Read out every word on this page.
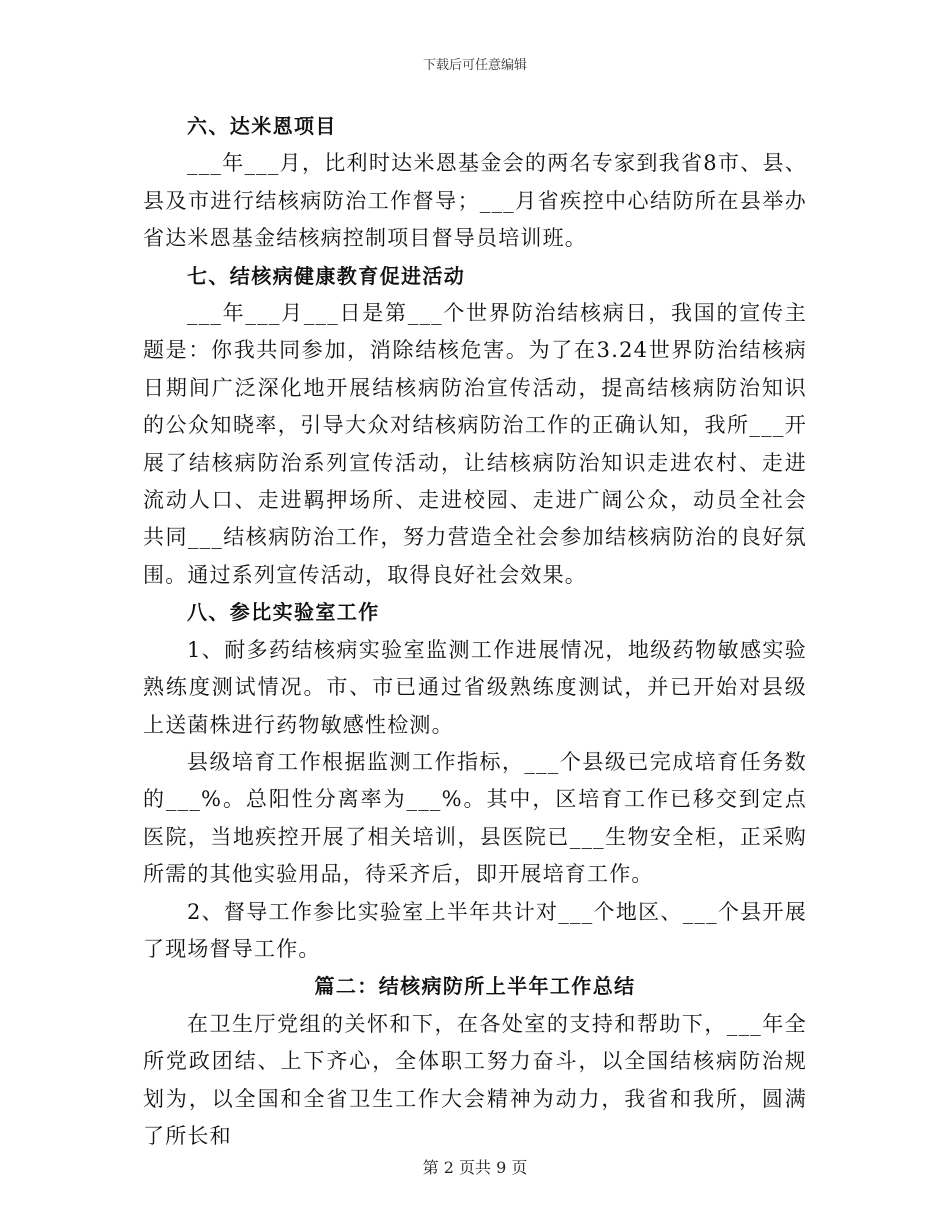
下载后可任意编辑

六、达米恩项目

___年___月，比利时达米恩基金会的两名专家到我省8市、县、县及市进行结核病防治工作督导；___月省疾控中心结防所在县举办省达米恩基金结核病控制项目督导员培训班。

七、结核病健康教育促进活动

___年___月___日是第___个世界防治结核病日，我国的宣传主题是：你我共同参加，消除结核危害。为了在3.24世界防治结核病日期间广泛深化地开展结核病防治宣传活动，提高结核病防治知识的公众知晓率，引导大众对结核病防治工作的正确认知，我所___开展了结核病防治系列宣传活动，让结核病防治知识走进农村、走进流动人口、走进羁押场所、走进校园、走进广阔公众，动员全社会共同___结核病防治工作，努力营造全社会参加结核病防治的良好氛围。通过系列宣传活动，取得良好社会效果。

八、参比实验室工作

1、耐多药结核病实验室监测工作进展情况，地级药物敏感实验熟练度测试情况。市、市已通过省级熟练度测试，并已开始对县级上送菌株进行药物敏感性检测。

县级培育工作根据监测工作指标，___个县级已完成培育任务数的___%。总阳性分离率为___%。其中，区培育工作已移交到定点医院，当地疾控开展了相关培训，县医院已___生物安全柜，正采购所需的其他实验用品，待采齐后，即开展培育工作。

2、督导工作参比实验室上半年共计对___个地区、___个县开展了现场督导工作。

篇二：结核病防所上半年工作总结

在卫生厅党组的关怀和下，在各处室的支持和帮助下，___年全所党政团结、上下齐心，全体职工努力奋斗，以全国结核病防治规划为，以全国和全省卫生工作大会精神为动力，我省和我所，圆满了所长和

第 2 页共 9 页
